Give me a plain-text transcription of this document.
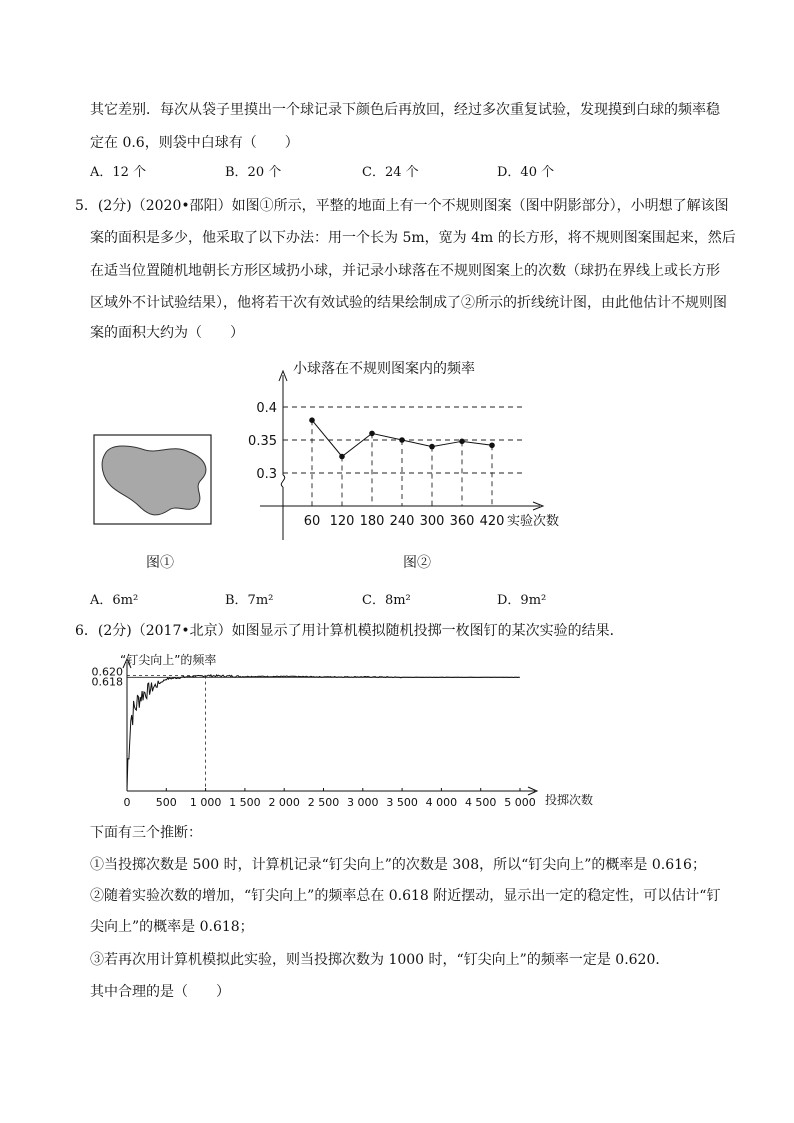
其它差别．每次从袋子里摸出一个球记录下颜色后再放回，经过多次重复试验，发现摸到白球的频率稳
定在 0.6，则袋中白球有（　　）
A．12 个	B．20 个	C．24 个	D．40 个
5．(2分)（2020•邵阳）如图①所示，平整的地面上有一个不规则图案（图中阴影部分），小明想了解该图
案的面积是多少，他采取了以下办法：用一个长为 5m，宽为 4m 的长方形，将不规则图案围起来，然后
在适当位置随机地朝长方形区域扔小球，并记录小球落在不规则图案上的次数（球扔在界线上或长方形
区域外不计试验结果），他将若干次有效试验的结果绘制成了②所示的折线统计图，由此他估计不规则图
案的面积大约为（　　）
图①
小球落在不规则图案内的频率
实验次数
0.3
0.35
0.4
60 120 180 240 300 360 420
图②
A．6m²	B．7m²	C．8m²	D．9m²
6．(2分)（2017•北京）如图显示了用计算机模拟随机投掷一枚图钉的某次实验的结果．
“钉尖向上”的频率
投掷次数
0.618
0.620
0 500 1 000 1 500 2 000 2 500 3 000 3 500 4 000 4 500 5 000
下面有三个推断：
①当投掷次数是 500 时，计算机记录“钉尖向上”的次数是 308，所以“钉尖向上”的概率是 0.616；
②随着实验次数的增加，“钉尖向上”的频率总在 0.618 附近摆动，显示出一定的稳定性，可以估计“钉
尖向上”的概率是 0.618；
③若再次用计算机模拟此实验，则当投掷次数为 1000 时，“钉尖向上”的频率一定是 0.620．
其中合理的是（　　）
